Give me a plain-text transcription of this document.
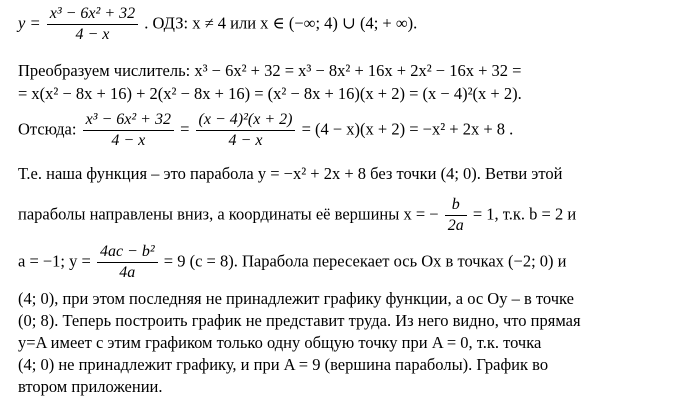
$y = \frac{\text{x³ − 6x² + 32}}{4 - x}$ . ОДЗ: x ≠ 4 или x ∈ (−∞; 4) ∪ (4; + ∞).
Преобразуем числитель: x³ − 6x² + 32 = x³ − 8x² + 16x + 2x² − 16x + 32 =
= x(x² − 8x + 16) + 2(x² − 8x + 16) = (x² − 8x + 16)(x + 2) = (x − 4)²(x + 2).
Отсюда: $\frac{\text{x³ − 6x² + 32}}{4 - x} = \frac{\text{(x − 4)²(x + 2)}}{4 - x} = (4 - x)(x + 2) = -x^2 + 2x + 8$ .
Т.е. наша функция – это парабола y = −x² + 2x + 8 без точки (4; 0). Ветви этой
параболы направлены вниз, а координаты её вершины x = − $\frac{b}{2a} = 1$, т.к. b = 2 и
a = −1; $y = \frac{\text{4ac − b²}}{4a} = 9$ (c = 8). Парабола пересекает ось Ox в точках (−2; 0) и
(4; 0), при этом последняя не принадлежит графику функции, а ос Oy – в точке
(0; 8). Теперь построить график не представит труда. Из него видно, что прямая
y=A имеет с этим графиком только одну общую точку при A = 0, т.к. точка
(4; 0) не принадлежит графику, и при A = 9 (вершина параболы). График во
втором приложении.
